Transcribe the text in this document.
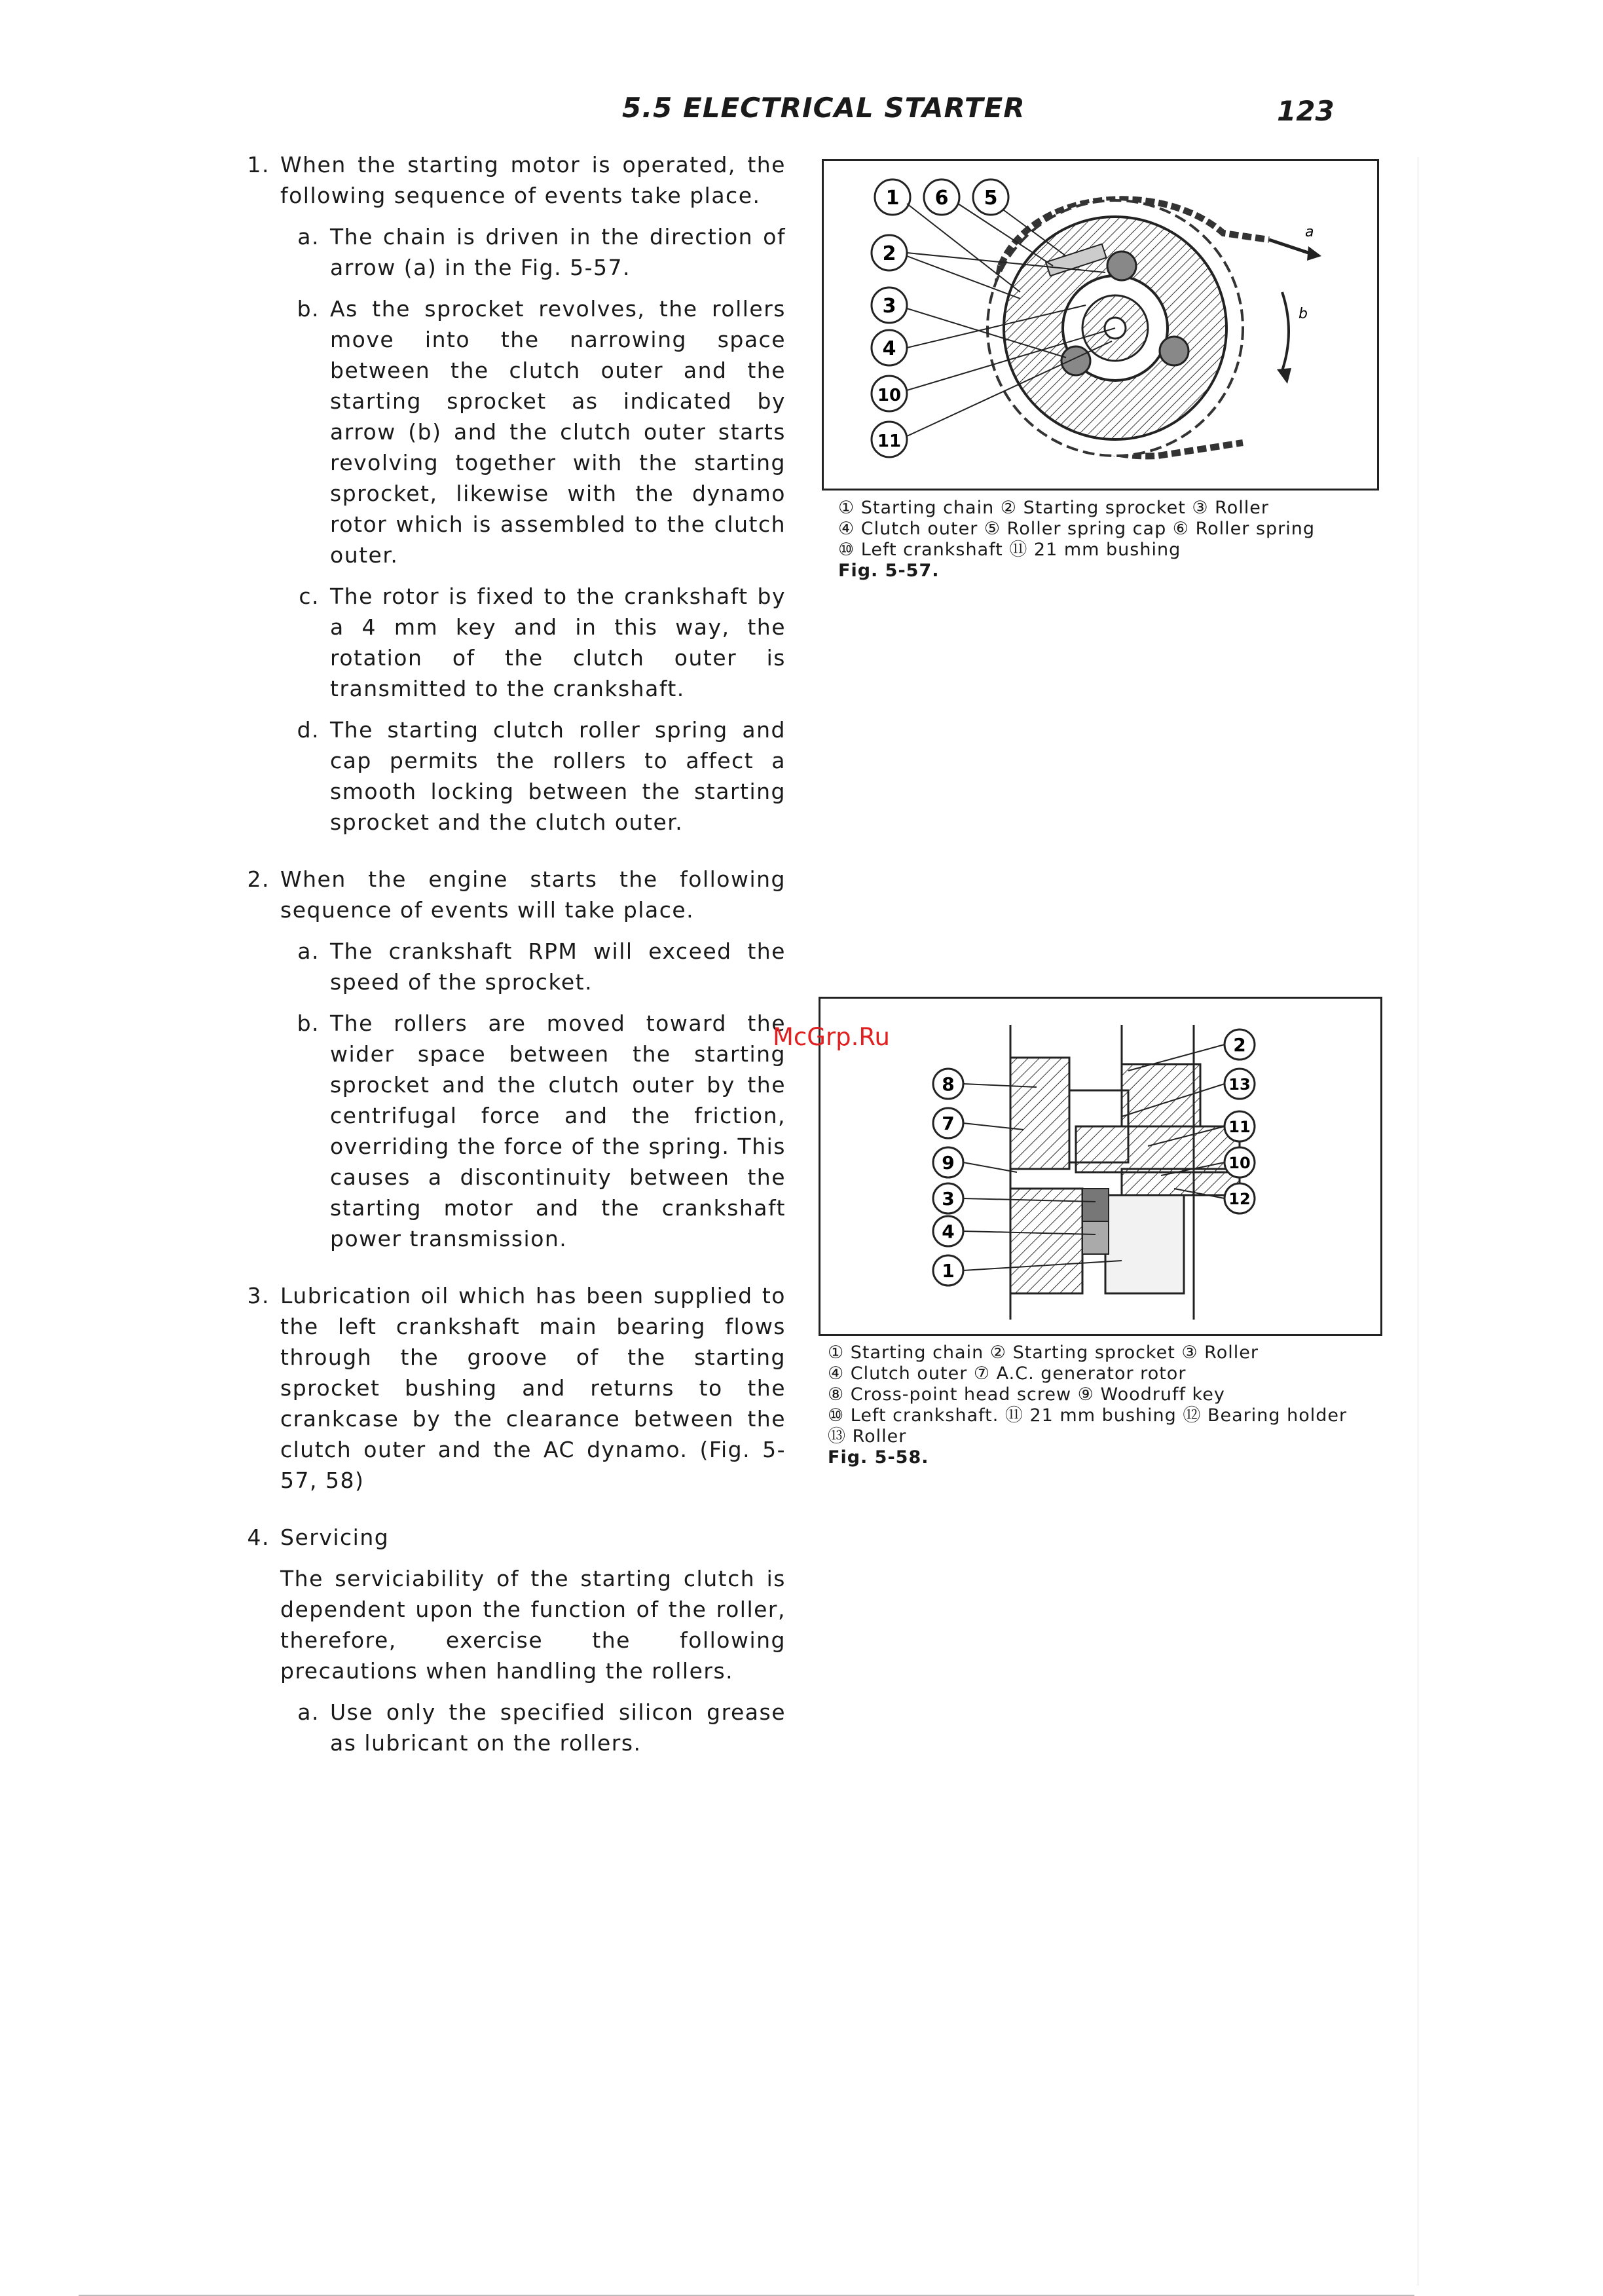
5.5 ELECTRICAL STARTER	123
1. When the starting motor is operated, the following sequence of events take place.

a. The chain is driven in the direction of arrow (a) in the Fig. 5-57.
b. As the sprocket revolves, the rollers move into the narrowing space between the clutch outer and the starting sprocket as indicated by arrow (b) and the clutch outer starts revolving together with the starting sprocket, likewise with the dynamo rotor which is assembled to the clutch outer.
c. The rotor is fixed to the crankshaft by a 4 mm key and in this way, the rotation of the clutch outer is transmitted to the crankshaft.
d. The starting clutch roller spring and cap permits the rollers to affect a smooth locking between the starting sprocket and the clutch outer.
2. When the engine starts the following sequence of events will take place.

a. The crankshaft RPM will exceed the speed of the sprocket.
b. The rollers are moved toward the wider space between the starting sprocket and the clutch outer by the centrifugal force and the friction, overriding the force of the spring. This causes a discontinuity between the starting motor and the crankshaft power transmission.
3. Lubrication oil which has been supplied to the left crankshaft main bearing flows through the groove of the starting sprocket bushing and returns to the crankcase by the clearance between the clutch outer and the AC dynamo. (Fig. 5-57, 58)

4. Servicing

The serviciability of the starting clutch is dependent upon the function of the roller, therefore, exercise the following precautions when handling the rollers.

a. Use only the specified silicon grease as lubricant on the rollers.
1 6 5
2
3
4
10
11
a
b
① Starting chain ② Starting sprocket ③ Roller
④ Clutch outer ⑤ Roller spring cap ⑥ Roller spring
⑩ Left crankshaft ⑪ 21 mm bushing
Fig. 5-57.
8
7
9
3
4
1
2
13
11
10
12
① Starting chain ② Starting sprocket ③ Roller
④ Clutch outer ⑦ A.C. generator rotor
⑧ Cross-point head screw ⑨ Woodruff key
⑩ Left crankshaft. ⑪ 21 mm bushing ⑫ Bearing holder
⑬ Roller
Fig. 5-58.
McGrp.Ru
